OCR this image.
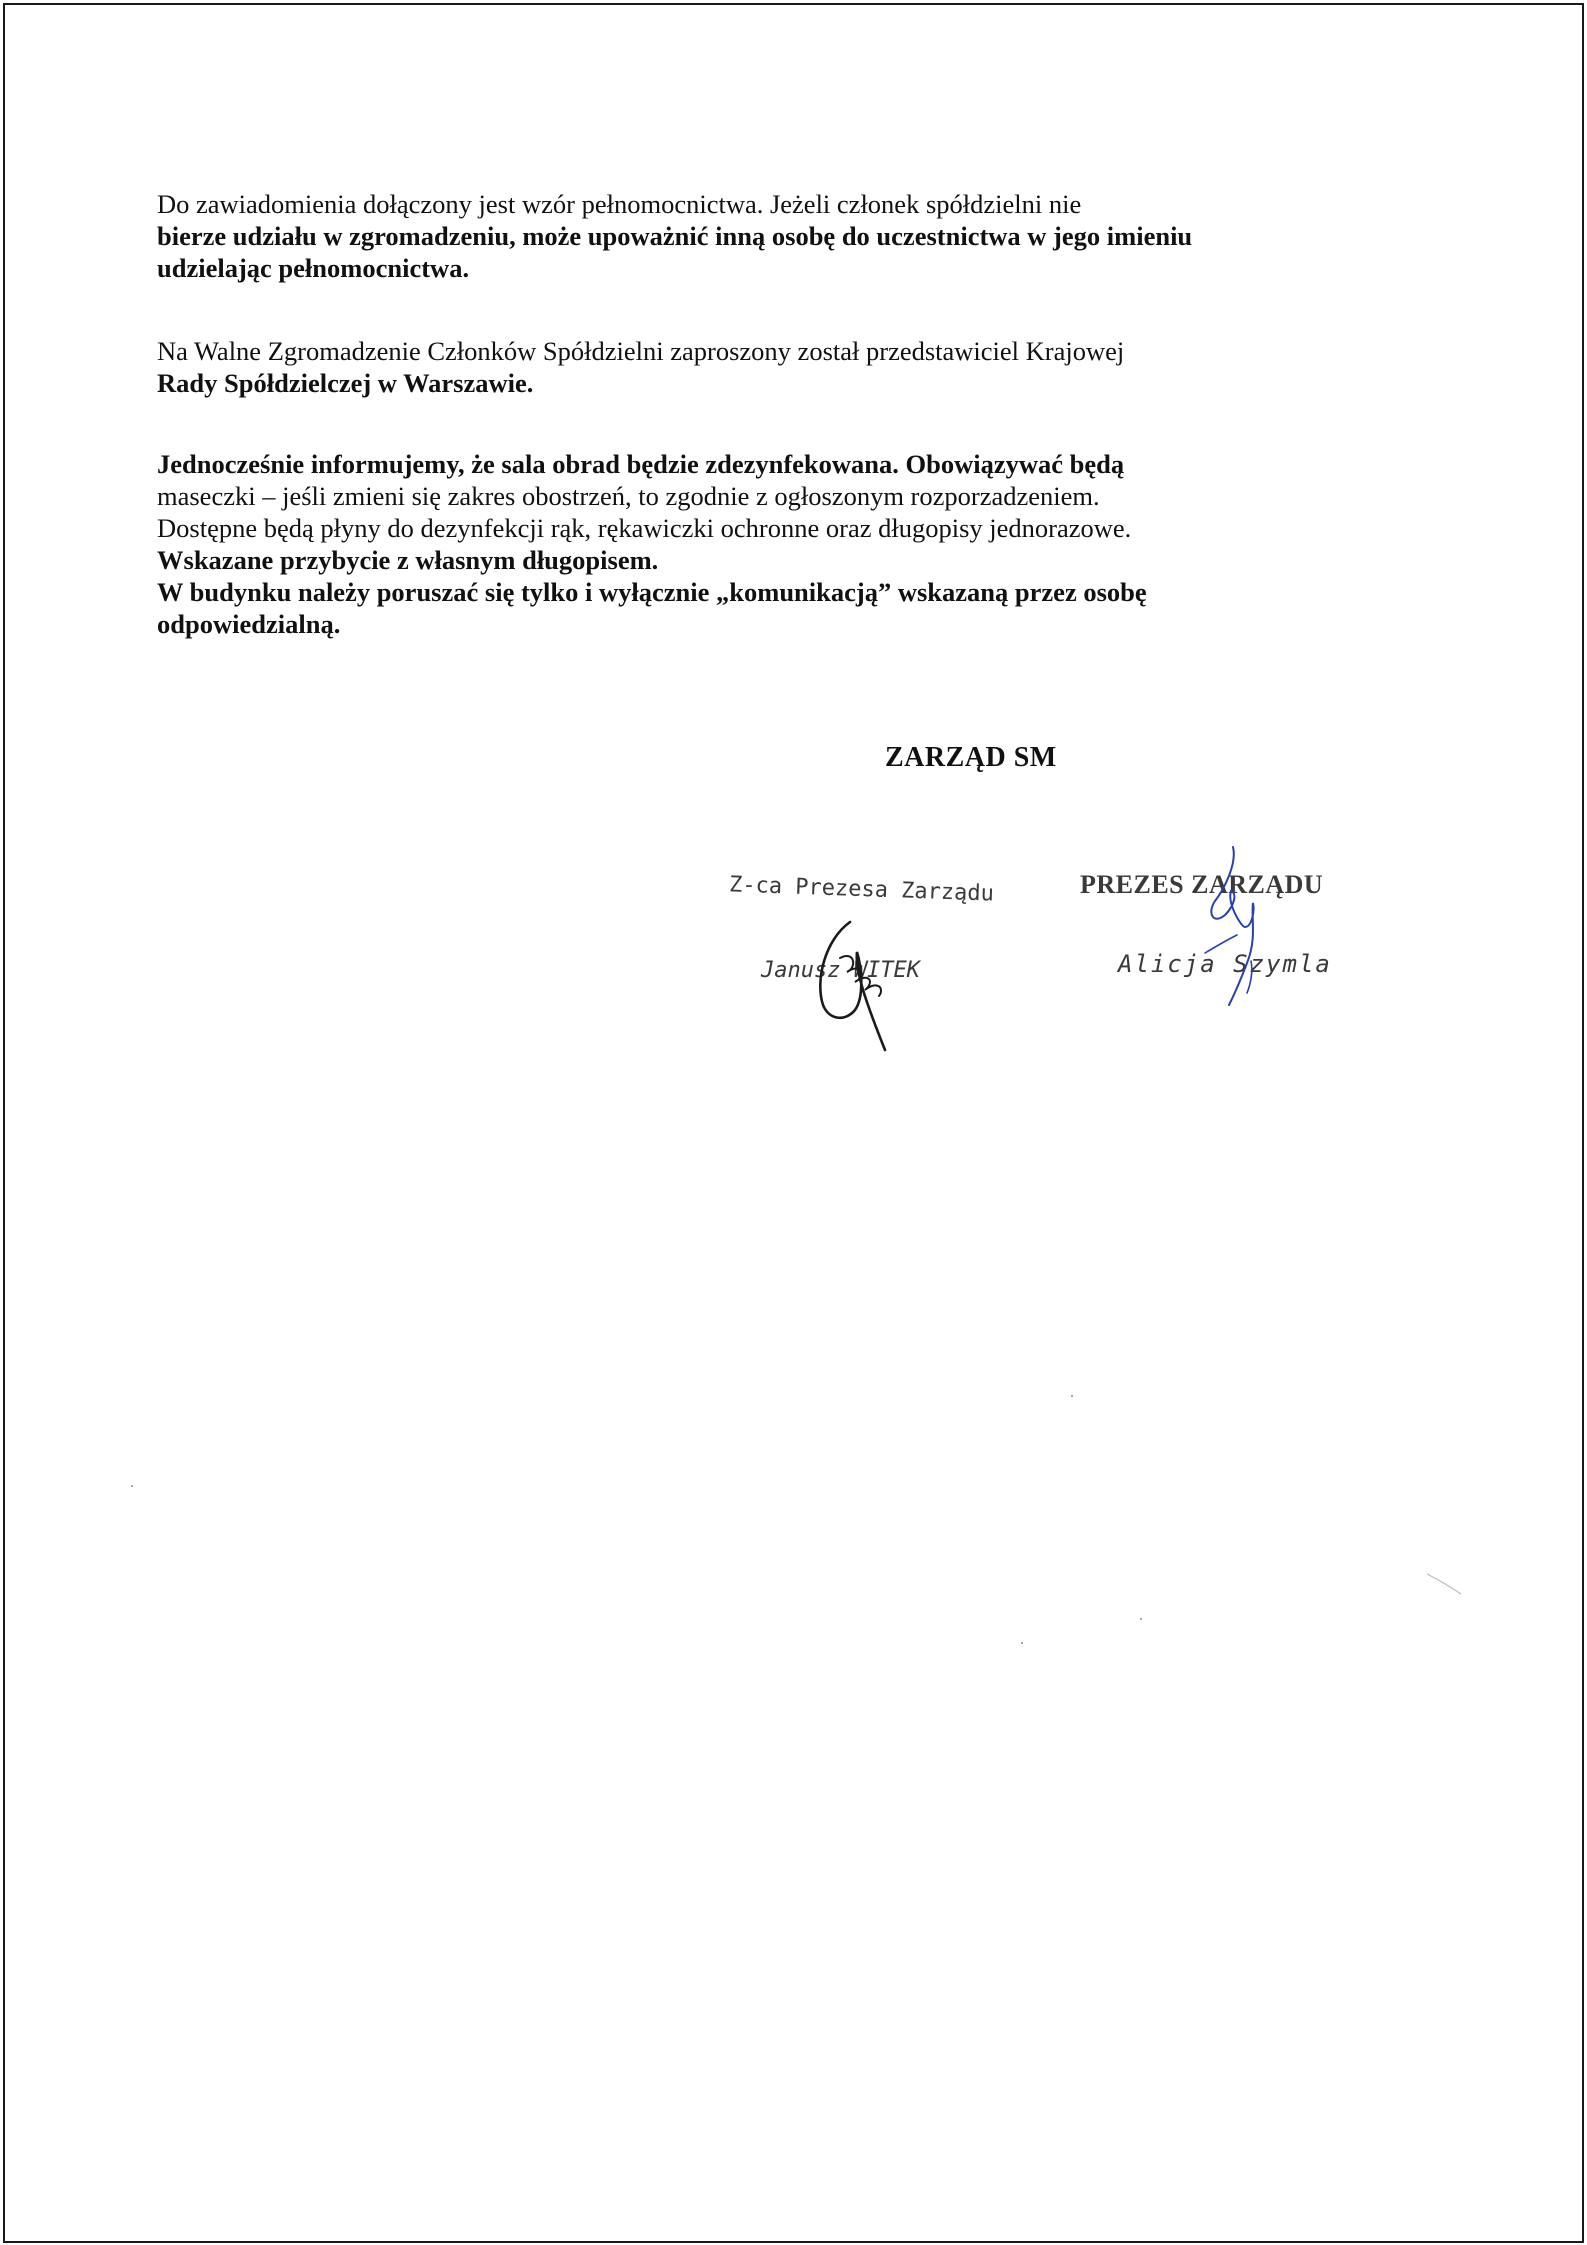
Do zawiadomienia dołączony jest wzór pełnomocnictwa. Jeżeli członek spółdzielni nie
bierze udziału w zgromadzeniu, może upoważnić inną osobę do uczestnictwa w jego imieniu
udzielając pełnomocnictwa.
Na Walne Zgromadzenie Członków Spółdzielni zaproszony został przedstawiciel Krajowej
Rady Spółdzielczej w Warszawie.
Jednocześnie informujemy, że sala obrad będzie zdezynfekowana. Obowiązywać będą
maseczki – jeśli zmieni się zakres obostrzeń, to zgodnie z ogłoszonym rozporzadzeniem.
Dostępne będą płyny do dezynfekcji rąk, rękawiczki ochronne oraz długopisy jednorazowe.
Wskazane przybycie z własnym długopisem.
W budynku należy poruszać się tylko i wyłącznie „komunikacją” wskazaną przez osobę
odpowiedzialną.
ZARZĄD SM
Z-ca Prezesa Zarządu
Janusz WITEK
PREZES ZARZĄDU
Alicja Szymla
